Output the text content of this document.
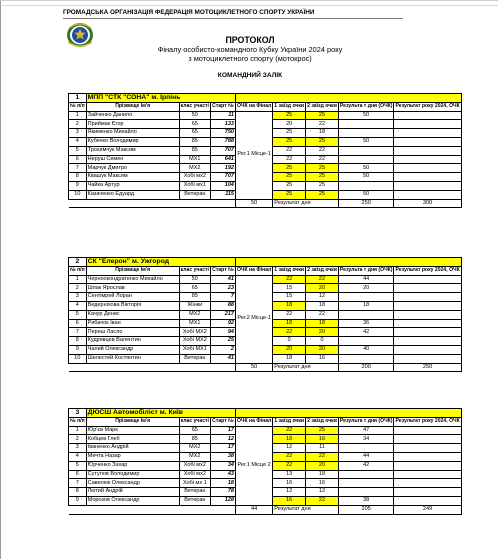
ГРОМАДСЬКА ОРГАНІЗАЦІЯ ФЕДЕРАЦІЯ МОТОЦИКЛЕТНОГО СПОРТУ УКРАЇНИ
ПРОТОКОЛ
Фіналу особисто-командного Кубку України 2024 року
з мотоциклетного спорту (мотокрос)
КОМАНДНИЙ ЗАЛІК
1	МПП "СТК "СОНА" м. Ірпінь							
№ п/п	Прізвище Ім'я	клас участі	Старт №	ОЧК на Фінал	1 заїзд очки	2 заїзд очки	Результа т дня (ОЧК)	Результат року 2024, ОЧК
1	Зайченко Данило	50	11	Рег.1 Місце-1	25	25	50	
2	Приймак Єгор	65	133		20	22		
3	Якименко Михайло	65	750		25	18		
4	Кубечко Володимир	85	788		25	25	50	
5	Трохимчук Максим	85	707		22	22		
6	Неруш Семен	MX1	641		22	22		
7	Марчук Дмитро	MX2	192		25	25	50	
8	Квашук Максим	Хобі мх2	707		25	25	50	
9	Чайка Артур	Хобі мх1	104		25	25		
10	Казаченко Едуард	Ветеран	115		25	25	50	
				50	Результат дня		250	300
2	СК "Елерон" м. Ужгород							
№ п/п	Прізвище Ім'я	клас участі	Старт №	ОЧК на Фінал	1 заїзд очки	2 заїзд очки	Результа т дня (ОЧК)	Результат року 2024, ОЧК
1	Черноокондратенко Михайло	50	41	Рег.2 Місце-1	22	22	44	
2	Шпак Ярослав	65	23		15	20	20	
3	Сентімрей Лоран	85	7		15	12		
4	Ведерніхова Вікторія	Жінки	88		18	18	18	
5	Качур Денис	MX2	217		22	22		
6	Рибачок Іван	MX1	92		18	18	36	
7	Переш Ласло	Хобі MX2	94		22	20	42	
8	Кудрявцев Валентин	Хобі MX2	25		0	0		
9	Чалий Олександр	Хобі MX1	2		20	20	40	
10	Шелестей Костянтин	Ветеран	41		18	16		
				50	Результат дня		200	250
3	ДЮСШ Автомобіліст м. Київ							
№ п/п	Прізвище Ім'я	клас участі	Старт №	ОЧК на Фінал	1 заїзд очки	2 заїзд очки	Результа т дня (ОЧК)	Результат року 2024, ОЧК
1	Юр'єв Марк	65	17	Рег.1 Місце 2	22	25	47	
2	Кобцев Глеб	85	12		18	16	34	
3	Іваненко Андрій	MX2	17		12	11		
4	Мечта Назар	MX2	38		22	22	44	
5	Юрченко Захар	Хобі мх2	34		22	20	42	
6	Сутулов Володимир	Хобі мх2	43		13	18		
7	Савелюк Олександр	Хобі мх 1	18		16	16		
8	Лютий Андрій	Ветеран	78		12	12		
9	Морозов Олександр	Ветеран	128		16	22	38	
				44	Результат дня		205	249
